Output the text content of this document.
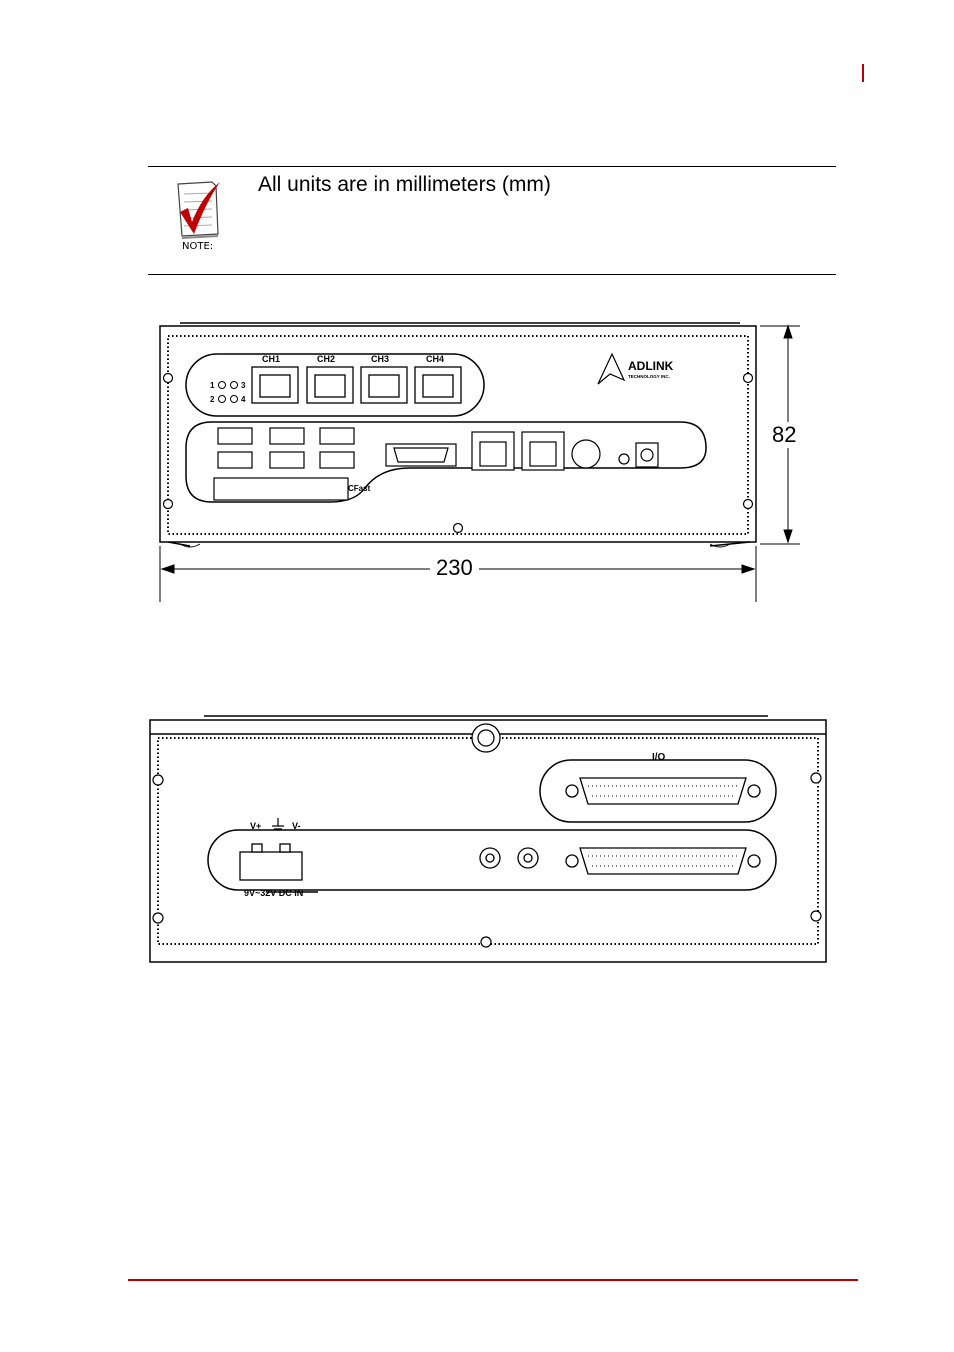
NOTE:
All units are in millimeters (mm)
CH1	CH2	CH3	CH4
1
2
3
4
ADLINK
TECHNOLOGY INC.
CFast
82
230
I/O
V+	V-
9V~32V DC IN
